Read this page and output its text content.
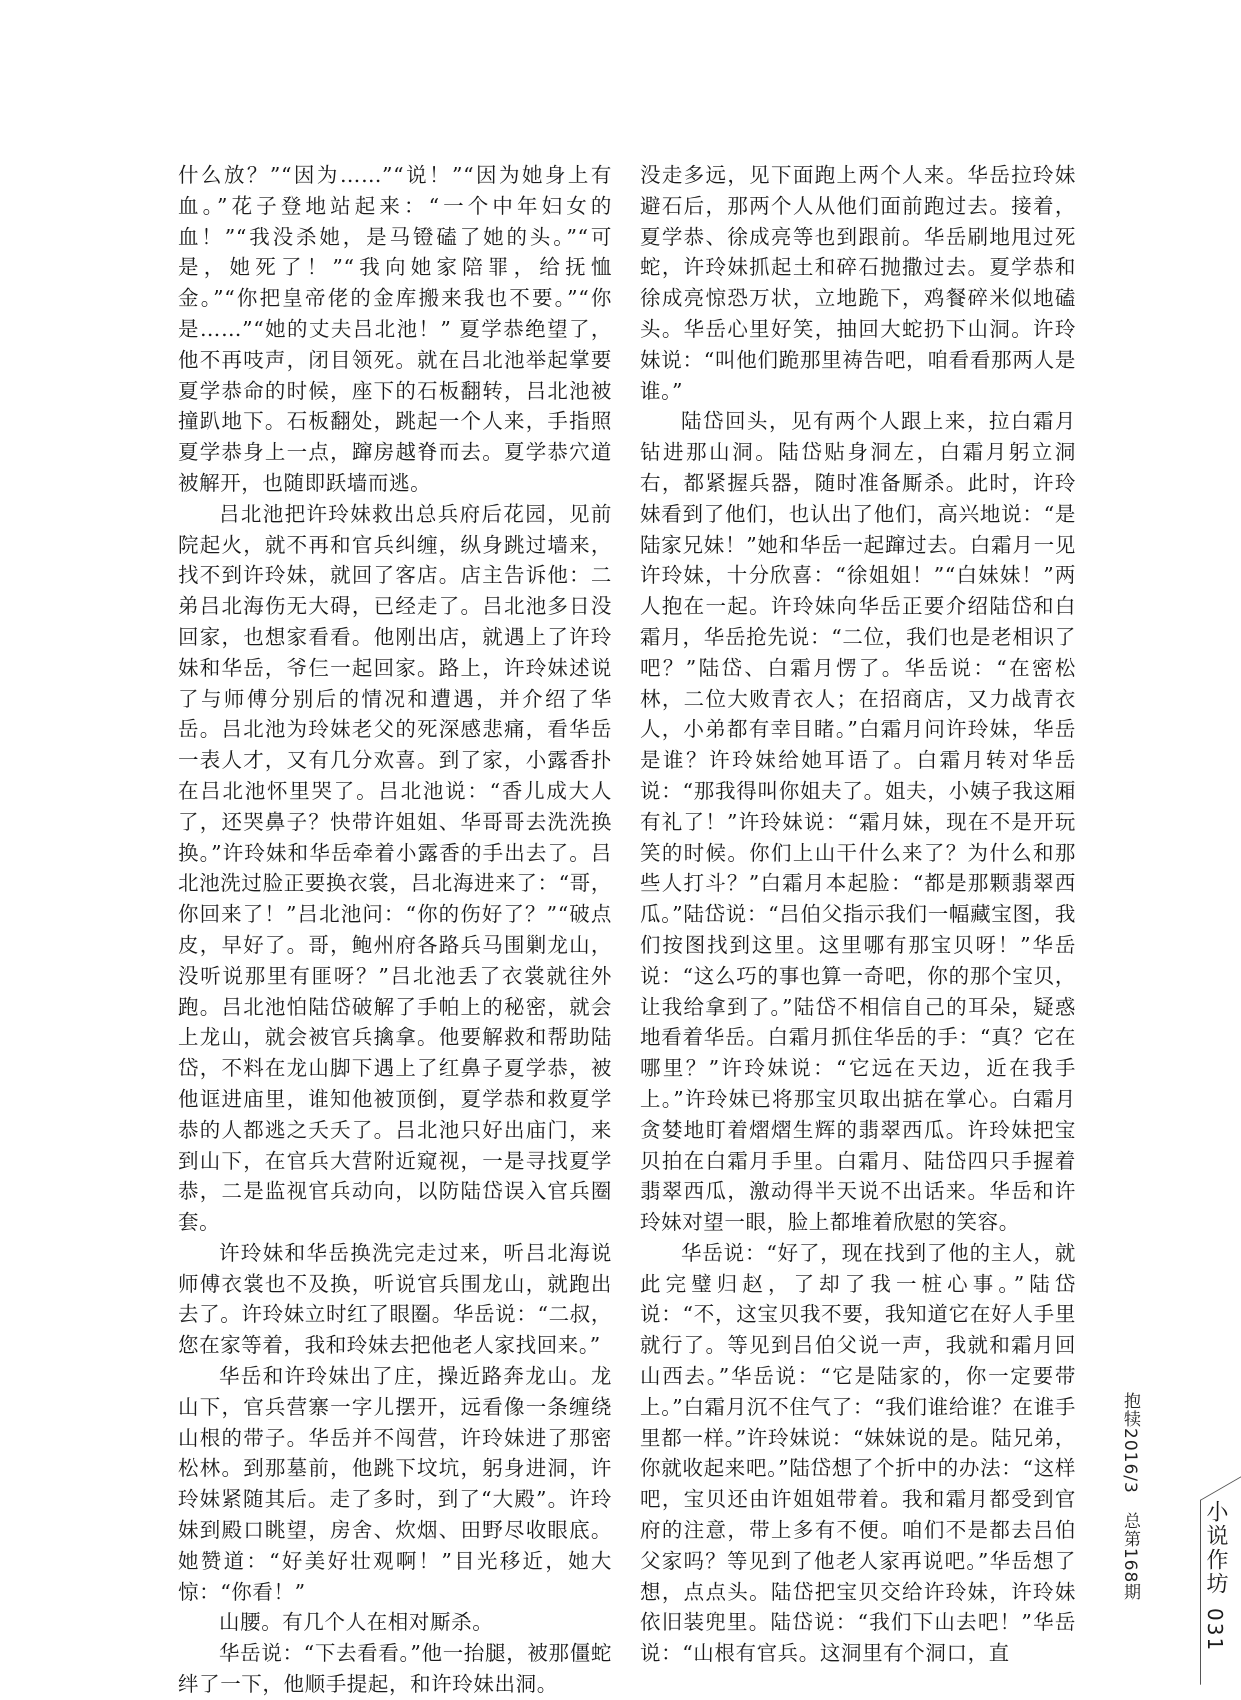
什么放？”“因为……”“说！”“因为她身上有血。”花子登地站起来：“一个中年妇女的血！”“我没杀她，是马镫磕了她的头。”“可是，她死了！”“我向她家陪罪，给抚恤金。”“你把皇帝佬的金库搬来我也不要。”“你是……”“她的丈夫吕北池！” 夏学恭绝望了，他不再吱声，闭目领死。就在吕北池举起掌要夏学恭命的时候，座下的石板翻转，吕北池被撞趴地下。石板翻处，跳起一个人来，手指照夏学恭身上一点，蹿房越脊而去。夏学恭穴道被解开，也随即跃墙而逃。

吕北池把许玲妹救出总兵府后花园，见前院起火，就不再和官兵纠缠，纵身跳过墙来，找不到许玲妹，就回了客店。店主告诉他：二弟吕北海伤无大碍，已经走了。吕北池多日没回家，也想家看看。他刚出店，就遇上了许玲妹和华岳，爷仨一起回家。路上，许玲妹述说了与师傅分别后的情况和遭遇，并介绍了华岳。吕北池为玲妹老父的死深感悲痛，看华岳一表人才，又有几分欢喜。到了家，小露香扑在吕北池怀里哭了。吕北池说：“香儿成大人了，还哭鼻子？快带许姐姐、华哥哥去洗洗换换。”许玲妹和华岳牵着小露香的手出去了。吕北池洗过脸正要换衣裳，吕北海进来了：“哥，你回来了！”吕北池问：“你的伤好了？”“破点皮，早好了。哥，鲍州府各路兵马围剿龙山，没听说那里有匪呀？”吕北池丢了衣裳就往外跑。吕北池怕陆岱破解了手帕上的秘密，就会上龙山，就会被官兵擒拿。他要解救和帮助陆岱，不料在龙山脚下遇上了红鼻子夏学恭，被他诓进庙里，谁知他被顶倒，夏学恭和救夏学恭的人都逃之夭夭了。吕北池只好出庙门，来到山下，在官兵大营附近窥视，一是寻找夏学恭，二是监视官兵动向，以防陆岱误入官兵圈套。

许玲妹和华岳换洗完走过来，听吕北海说师傅衣裳也不及换，听说官兵围龙山，就跑出去了。许玲妹立时红了眼圈。华岳说：“二叔，您在家等着，我和玲妹去把他老人家找回来。”

华岳和许玲妹出了庄，操近路奔龙山。龙山下，官兵营寨一字儿摆开，远看像一条缠绕山根的带子。华岳并不闯营，许玲妹进了那密松林。到那墓前，他跳下坟坑，躬身进洞，许玲妹紧随其后。走了多时，到了“大殿”。许玲妹到殿口眺望，房舍、炊烟、田野尽收眼底。她赞道：“好美好壮观啊！”目光移近，她大惊：“你看！”

山腰。有几个人在相对厮杀。

华岳说：“下去看看。”他一抬腿，被那僵蛇绊了一下，他顺手提起，和许玲妹出洞。

没走多远，见下面跑上两个人来。华岳拉玲妹避石后，那两个人从他们面前跑过去。接着，夏学恭、徐成亮等也到跟前。华岳刷地甩过死蛇，许玲妹抓起土和碎石抛撒过去。夏学恭和徐成亮惊恐万状，立地跪下，鸡餐碎米似地磕头。华岳心里好笑，抽回大蛇扔下山洞。许玲妹说：“叫他们跪那里祷告吧，咱看看那两人是谁。”

陆岱回头，见有两个人跟上来，拉白霜月钻进那山洞。陆岱贴身洞左，白霜月躬立洞右，都紧握兵器，随时准备厮杀。此时，许玲妹看到了他们，也认出了他们，高兴地说：“是陆家兄妹！”她和华岳一起蹿过去。白霜月一见许玲妹，十分欣喜：“徐姐姐！”“白妹妹！”两人抱在一起。许玲妹向华岳正要介绍陆岱和白霜月，华岳抢先说：“二位，我们也是老相识了吧？”陆岱、白霜月愣了。华岳说：“在密松林，二位大败青衣人；在招商店，又力战青衣人，小弟都有幸目睹。”白霜月问许玲妹，华岳是谁？许玲妹给她耳语了。白霜月转对华岳说：“那我得叫你姐夫了。姐夫，小姨子我这厢有礼了！”许玲妹说：“霜月妹，现在不是开玩笑的时候。你们上山干什么来了？为什么和那些人打斗？”白霜月本起脸：“都是那颗翡翠西瓜。”陆岱说：“吕伯父指示我们一幅藏宝图，我们按图找到这里。这里哪有那宝贝呀！”华岳说：“这么巧的事也算一奇吧，你的那个宝贝，让我给拿到了。”陆岱不相信自己的耳朵，疑惑地看着华岳。白霜月抓住华岳的手：“真？它在哪里？”许玲妹说：“它远在天边，近在我手上。”许玲妹已将那宝贝取出掂在掌心。白霜月贪婪地盯着熠熠生辉的翡翠西瓜。许玲妹把宝贝拍在白霜月手里。白霜月、陆岱四只手握着翡翠西瓜，激动得半天说不出话来。华岳和许玲妹对望一眼，脸上都堆着欣慰的笑容。

华岳说：“好了，现在找到了他的主人，就此完璧归赵，了却了我一桩心事。”陆岱说：“不，这宝贝我不要，我知道它在好人手里就行了。等见到吕伯父说一声，我就和霜月回山西去。”华岳说：“它是陆家的，你一定要带上。”白霜月沉不住气了：“我们谁给谁？在谁手里都一样。”许玲妹说：“妹妹说的是。陆兄弟，你就收起来吧。”陆岱想了个折中的办法：“这样吧，宝贝还由许姐姐带着。我和霜月都受到官府的注意，带上多有不便。咱们不是都去吕伯父家吗？等见到了他老人家再说吧。”华岳想了想，点点头。陆岱把宝贝交给许玲妹，许玲妹依旧装兜里。陆岱说：“我们下山去吧！”华岳说：“山根有官兵。这洞里有个洞口，直

抱犊2016/3　总第168期	小说作坊
031
